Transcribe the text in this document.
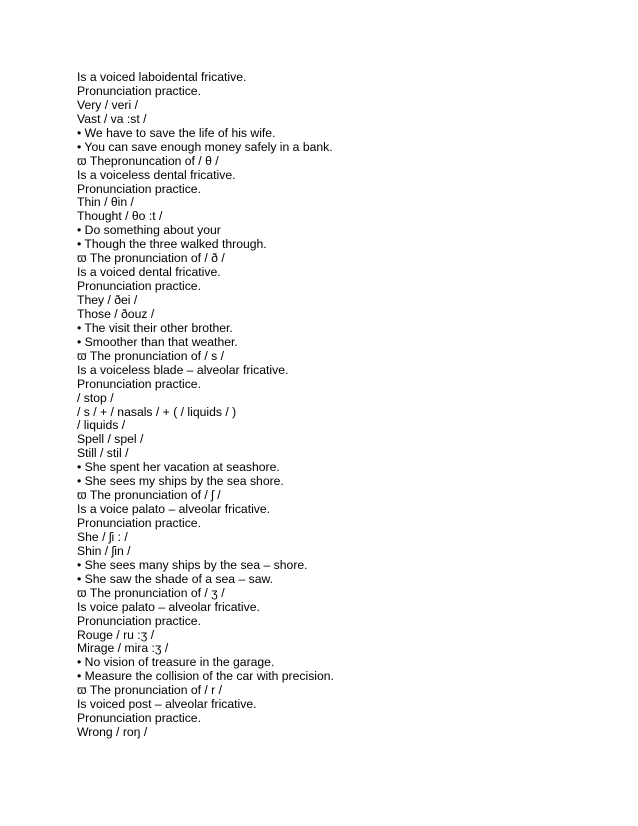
Is a voiced laboidental fricative.
Pronunciation practice.
Very / veri /
Vast / va :st /
• We have to save the life of his wife.
• You can save enough money safely in a bank.
ϖ Thepronuncation of / θ /
Is a voiceless dental fricative.
Pronunciation practice.
Thin / θin /
Thought / θo :t /
• Do something about your
• Though the three walked through.
ϖ The pronunciation of / ð /
Is a voiced dental fricative.
Pronunciation practice.
They / ðei /
Those / ðouz /
• The visit their other brother.
• Smoother than that weather.
ϖ The pronunciation of / s /
Is a voiceless blade – alveolar fricative.
Pronunciation practice.
/ stop /
/ s / + / nasals / + ( / liquids / )
/ liquids /
Spell / spel /
Still / stil /
• She spent her vacation at seashore.
• She sees my ships by the sea shore.
ϖ The pronunciation of / ʃ /
Is a voice palato – alveolar fricative.
Pronunciation practice.
She / ʃi : /
Shin / ʃin /
• She sees many ships by the sea – shore.
• She saw the shade of a sea – saw.
ϖ The pronunciation of / ʒ /
Is voice palato – alveolar fricative.
Pronunciation practice.
Rouge / ru :ʒ /
Mirage / mira :ʒ /
• No vision of treasure in the garage.
• Measure the collision of the car with precision.
ϖ The pronunciation of / r /
Is voiced post – alveolar fricative.
Pronunciation practice.
Wrong / roŋ /
